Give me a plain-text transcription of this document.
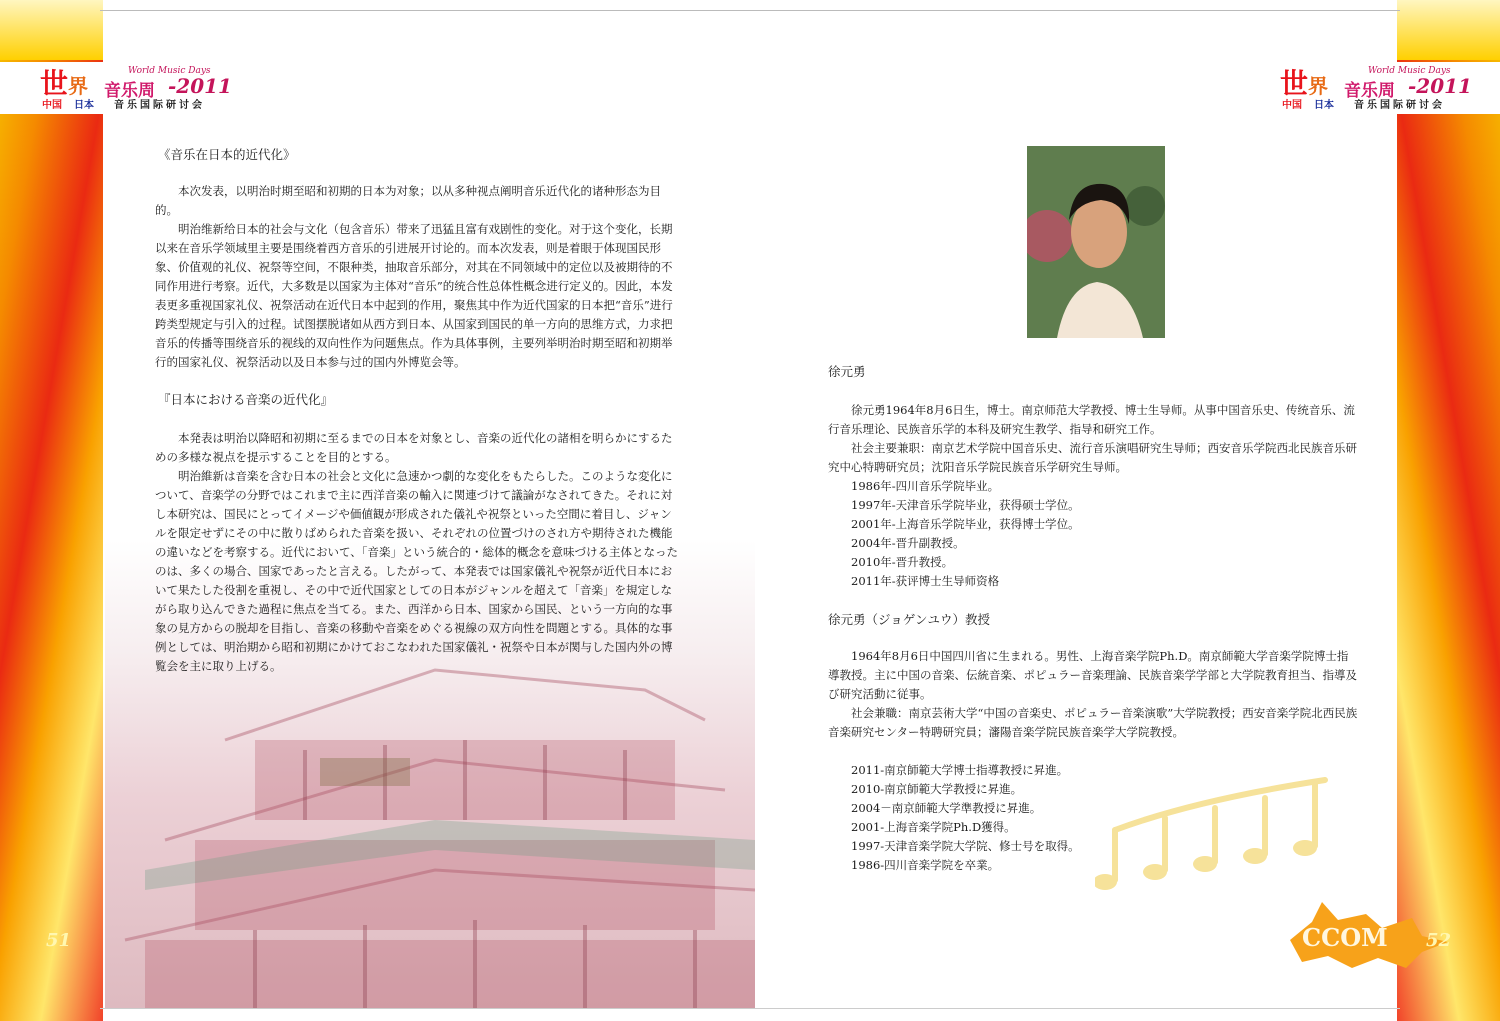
世界
World Music Days
音乐周 -2011
中国 日本 音乐国际研讨会
世界
World Music Days
音乐周 -2011
中国 日本 音乐国际研讨会
《音乐在日本的近代化》

本次发表，以明治时期至昭和初期的日本为对象；以从多种视点阐明音乐近代化的诸种形态为目的。

明治维新给日本的社会与文化（包含音乐）带来了迅猛且富有戏剧性的变化。对于这个变化，长期以来在音乐学领域里主要是围绕着西方音乐的引进展开讨论的。而本次发表，则是着眼于体现国民形象、价值观的礼仪、祝祭等空间，不限种类，抽取音乐部分，对其在不同领域中的定位以及被期待的不同作用进行考察。近代，大多数是以国家为主体对“音乐”的统合性总体性概念进行定义的。因此，本发表更多重视国家礼仪、祝祭活动在近代日本中起到的作用，聚焦其中作为近代国家的日本把“音乐”进行跨类型规定与引入的过程。试图摆脱诸如从西方到日本、从国家到国民的单一方向的思维方式，力求把音乐的传播等围绕音乐的视线的双向性作为问题焦点。作为具体事例，主要列举明治时期至昭和初期举行的国家礼仪、祝祭活动以及日本参与过的国内外博览会等。

『日本における音楽の近代化』

本発表は明治以降昭和初期に至るまでの日本を対象とし、音楽の近代化の諸相を明らかにするための多様な視点を提示することを目的とする。

明治維新は音楽を含む日本の社会と文化に急速かつ劇的な変化をもたらした。このような変化について、音楽学の分野ではこれまで主に西洋音楽の輸入に関連づけて議論がなされてきた。それに対し本研究は、国民にとってイメージや価値観が形成された儀礼や祝祭といった空間に着目し、ジャンルを限定せずにその中に散りばめられた音楽を扱い、それぞれの位置づけのされ方や期待された機能の違いなどを考察する。近代において、「音楽」という統合的・総体的概念を意味づける主体となったのは、多くの場合、国家であったと言える。したがって、本発表では国家儀礼や祝祭が近代日本において果たした役割を重視し、その中で近代国家としての日本がジャンルを超えて「音楽」を規定しながら取り込んできた過程に焦点を当てる。また、西洋から日本、国家から国民、という一方向的な事象の見方からの脱却を目指し、音楽の移動や音楽をめぐる視線の双方向性を問題とする。具体的な事例としては、明治期から昭和初期にかけておこなわれた国家儀礼・祝祭や日本が関与した国内外の博覧会を主に取り上げる。

徐元勇

徐元勇1964年8月6日生，博士。南京师范大学教授、博士生导师。从事中国音乐史、传统音乐、流行音乐理论、民族音乐学的本科及研究生教学、指导和研究工作。

社会主要兼职：南京艺术学院中国音乐史、流行音乐演唱研究生导师；西安音乐学院西北民族音乐研究中心特聘研究员；沈阳音乐学院民族音乐学研究生导师。

1986年-四川音乐学院毕业。

1997年-天津音乐学院毕业，获得硕士学位。

2001年-上海音乐学院毕业，获得博士学位。

2004年-晋升副教授。

2010年-晋升教授。

2011年-获评博士生导师资格

徐元勇（ジョゲンユウ）教授

1964年8月6日中国四川省に生まれる。男性、上海音楽学院Ph.D。南京師範大学音楽学院博士指導教授。主に中国の音楽、伝統音楽、ポピュラー音楽理論、民族音楽学学部と大学院教育担当、指導及び研究活動に従事。

社会兼職：南京芸術大学“中国の音楽史、ポピュラー音楽演歌”大学院教授；西安音楽学院北西民族音楽研究センター特聘研究員；瀋陽音楽学院民族音楽学大学院教授。

2011-南京師範大学博士指導教授に昇進。

2010-南京師範大学教授に昇進。

2004－南京師範大学準教授に昇進。

2001-上海音楽学院Ph.D獲得。

1997-天津音楽学院大学院、修士号を取得。

1986-四川音楽学院を卒業。

CCOM
51	52
